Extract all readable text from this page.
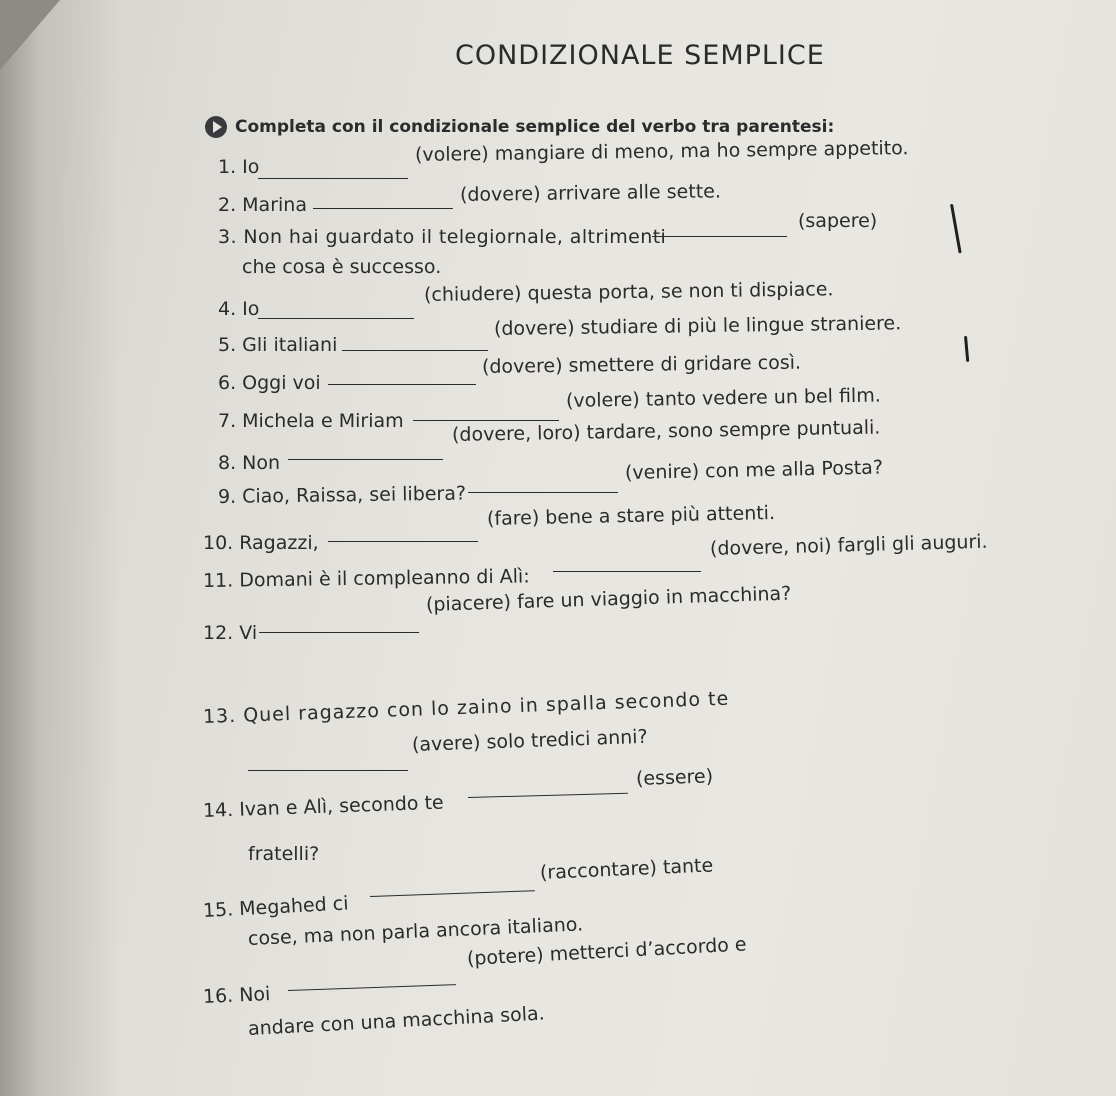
CONDIZIONALE SEMPLICE
Completa con il condizionale semplice del verbo tra parentesi:
1. Io
(volere) mangiare di meno, ma ho sempre appetito.
2. Marina	(dovere) arrivare alle sette.
3. Non hai guardato il telegiornale, altrimenti
(sapere)
che cosa è successo.
4. Io
(chiudere) questa porta, se non ti dispiace.
5. Gli italiani
(dovere) studiare di più le lingue straniere.
6. Oggi voi
(dovere) smettere di gridare così.
7. Michela e Miriam
(volere) tanto vedere un bel film.
8. Non
(dovere, loro) tardare, sono sempre puntuali.
9. Ciao, Raissa, sei libera?
(venire) con me alla Posta?
10. Ragazzi,
(fare) bene a stare più attenti.
11. Domani è il compleanno di Alì:
(dovere, noi) fargli gli auguri.
12. Vi
(piacere) fare un viaggio in macchina?
13. Quel ragazzo con lo zaino in spalla secondo te
(avere) solo tredici anni?
14. Ivan e Alì, secondo te
(essere)
fratelli?
15. Megahed ci
(raccontare) tante
cose, ma non parla ancora italiano.
16. Noi
(potere) metterci d’accordo e
andare con una macchina sola.
